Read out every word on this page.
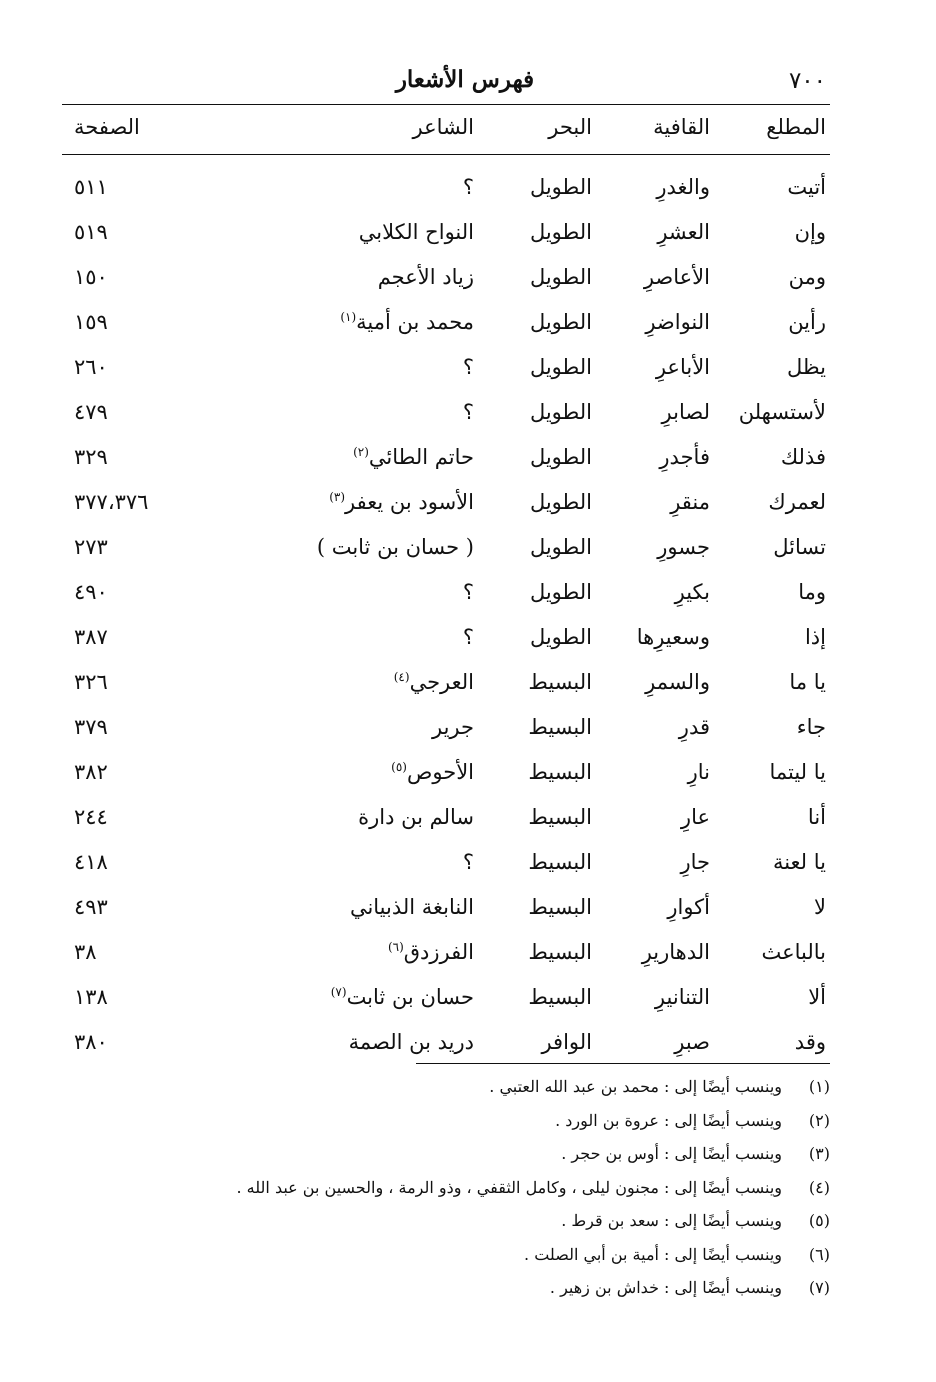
٧٠٠
فهرس الأشعار
المطلع
القافية
البحر
الشاعر
الصفحة
أتيت
والغدرِ
الطويل
؟
٥١١
وإن
العشرِ
الطويل
النواح الكلابي
٥١٩
ومن
الأعاصرِ
الطويل
زياد الأعجم
١٥٠
رأين
النواضرِ
الطويل
محمد بن أمية$^{(١)}$
١٥٩
يظل
الأباعرِ
الطويل
؟
٢٦٠
لأستسهلن
لصابرِ
الطويل
؟
٤٧٩
فذلك
فأجدرِ
الطويل
حاتم الطائي$^{(٢)}$
٣٢٩
لعمرك
منقرِ
الطويل
الأسود بن يعفر$^{(٣)}$
٣٧٧،٣٧٦
تسائل
جسورِ
الطويل
( حسان بن ثابت )
٢٧٣
وما
بكيرِ
الطويل
؟
٤٩٠
إذا
وسعيرِها
الطويل
؟
٣٨٧
يا ما
والسمرِ
البسيط
العرجي$^{(٤)}$
٣٢٦
جاء
قدرِ
البسيط
جرير
٣٧٩
يا ليتما
نارِ
البسيط
الأحوص$^{(٥)}$
٣٨٢
أنا
عارِ
البسيط
سالم بن دارة
٢٤٤
يا لعنة
جارِ
البسيط
؟
٤١٨
لا
أكوارِ
البسيط
النابغة الذبياني
٤٩٣
بالباعث
الدهاريرِ
البسيط
الفرزدق$^{(٦)}$
٣٨
ألا
التنانيرِ
البسيط
حسان بن ثابت$^{(٧)}$
١٣٨
وقد
صبرِ
الوافر
دريد بن الصمة
٣٨٠
(١)
وينسب أيضًا إلى : محمد بن عبد الله العتبي .
(٢)
وينسب أيضًا إلى : عروة بن الورد .
(٣)
وينسب أيضًا إلى : أوس بن حجر .
(٤)
وينسب أيضًا إلى : مجنون ليلى ، وكامل الثقفي ، وذو الرمة ، والحسين بن عبد الله .
(٥)
وينسب أيضًا إلى : سعد بن قرط .
(٦)
وينسب أيضًا إلى : أمية بن أبي الصلت .
(٧)
وينسب أيضًا إلى : خداش بن زهير .
